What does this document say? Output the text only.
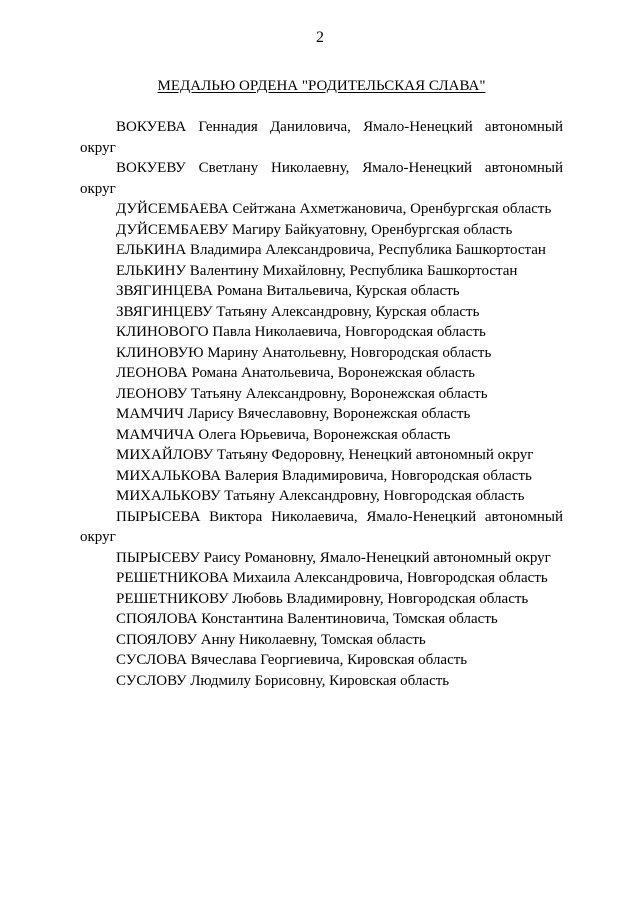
2
МЕДАЛЬЮ ОРДЕНА "РОДИТЕЛЬСКАЯ СЛАВА"

ВОКУЕВА Геннадия Даниловича, Ямало-Ненецкий автономный округ

ВОКУЕВУ Светлану Николаевну, Ямало-Ненецкий автономный округ

ДУЙСЕМБАЕВА Сейтжана Ахметжановича, Оренбургская область

ДУЙСЕМБАЕВУ Магиру Байкуатовну, Оренбургская область

ЕЛЬКИНА Владимира Александровича, Республика Башкортостан

ЕЛЬКИНУ Валентину Михайловну, Республика Башкортостан

ЗВЯГИНЦЕВА Романа Витальевича, Курская область

ЗВЯГИНЦЕВУ Татьяну Александровну, Курская область

КЛИНОВОГО Павла Николаевича, Новгородская область

КЛИНОВУЮ Марину Анатольевну, Новгородская область

ЛЕОНОВА Романа Анатольевича, Воронежская область

ЛЕОНОВУ Татьяну Александровну, Воронежская область

МАМЧИЧ Ларису Вячеславовну, Воронежская область

МАМЧИЧА Олега Юрьевича, Воронежская область

МИХАЙЛОВУ Татьяну Федоровну, Ненецкий автономный округ

МИХАЛЬКОВА Валерия Владимировича, Новгородская область

МИХАЛЬКОВУ Татьяну Александровну, Новгородская область

ПЫРЫСЕВА Виктора Николаевича, Ямало-Ненецкий автономный округ

ПЫРЫСЕВУ Раису Романовну, Ямало-Ненецкий автономный округ

РЕШЕТНИКОВА Михаила Александровича, Новгородская область

РЕШЕТНИКОВУ Любовь Владимировну, Новгородская область

СПОЯЛОВА Константина Валентиновича, Томская область

СПОЯЛОВУ Анну Николаевну, Томская область

СУСЛОВА Вячеслава Георгиевича, Кировская область

СУСЛОВУ Людмилу Борисовну, Кировская область
